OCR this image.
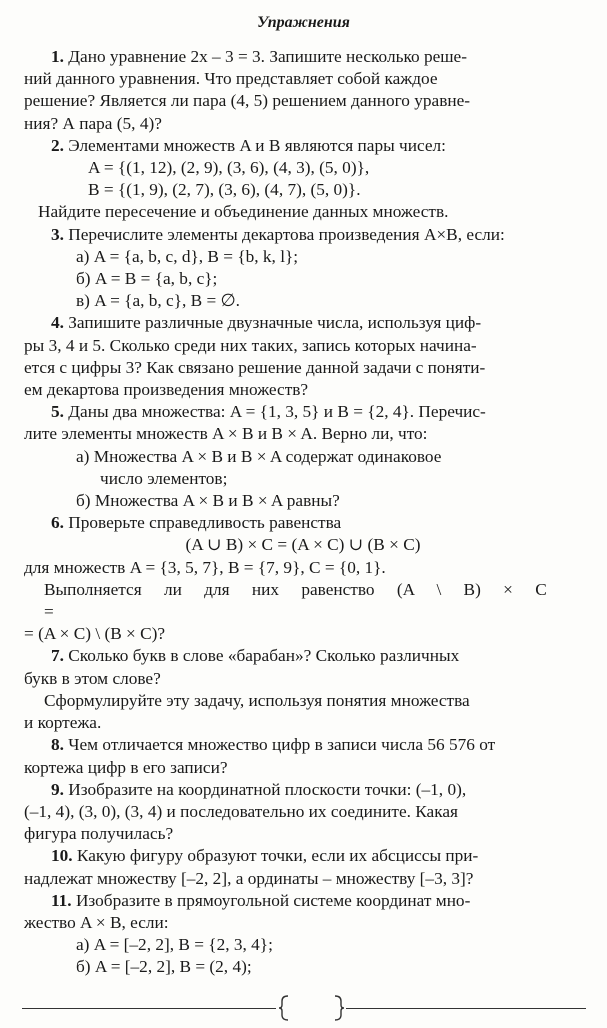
Упражнения

1. Дано уравнение 2x – 3 = 3. Запишите несколько реше-

ний данного уравнения. Что представляет собой каждое

решение? Является ли пара (4, 5) решением данного уравне-

ния? А пара (5, 4)?

2. Элементами множеств A и B являются пары чисел:

A = {(1, 12), (2, 9), (3, 6), (4, 3), (5, 0)},

B = {(1, 9), (2, 7), (3, 6), (4, 7), (5, 0)}.

Найдите пересечение и объединение данных множеств.

3. Перечислите элементы декартова произведения A×B, если:

а) A = {a, b, c, d}, B = {b, k, l};

б) A = B = {a, b, c};

в) A = {a, b, c}, B = ∅.

4. Запишите различные двузначные числа, используя циф-

ры 3, 4 и 5. Сколько среди них таких, запись которых начина-

ется с цифры 3? Как связано решение данной задачи с поняти-

ем декартова произведения множеств?

5. Даны два множества: A = {1, 3, 5} и B = {2, 4}. Перечис-

лите элементы множеств A × B и B × A. Верно ли, что:

а) Множества A × B и B × A содержат одинаковое

число элементов;

б) Множества A × B и B × A равны?

6. Проверьте справедливость равенства

(A ∪ B) × C = (A × C) ∪ (B × C)

для множеств A = {3, 5, 7}, B = {7, 9}, C = {0, 1}.

Выполняется ли для них равенство (A \ B) × C =

= (A × C) \ (B × C)?

7. Сколько букв в слове «барабан»? Сколько различных

букв в этом слове?

Сформулируйте эту задачу, используя понятия множества

и кортежа.

8. Чем отличается множество цифр в записи числа 56 576 от

кортежа цифр в его записи?

9. Изобразите на координатной плоскости точки: (–1, 0),

(–1, 4), (3, 0), (3, 4) и последовательно их соедините. Какая

фигура получилась?

10. Какую фигуру образуют точки, если их абсциссы при-

надлежат множеству [–2, 2], а ординаты – множеству [–3, 3]?

11. Изобразите в прямоугольной системе координат мно-

жество A × B, если:

а) A = [–2, 2], B = {2, 3, 4};

б) A = [–2, 2], B = (2, 4);
